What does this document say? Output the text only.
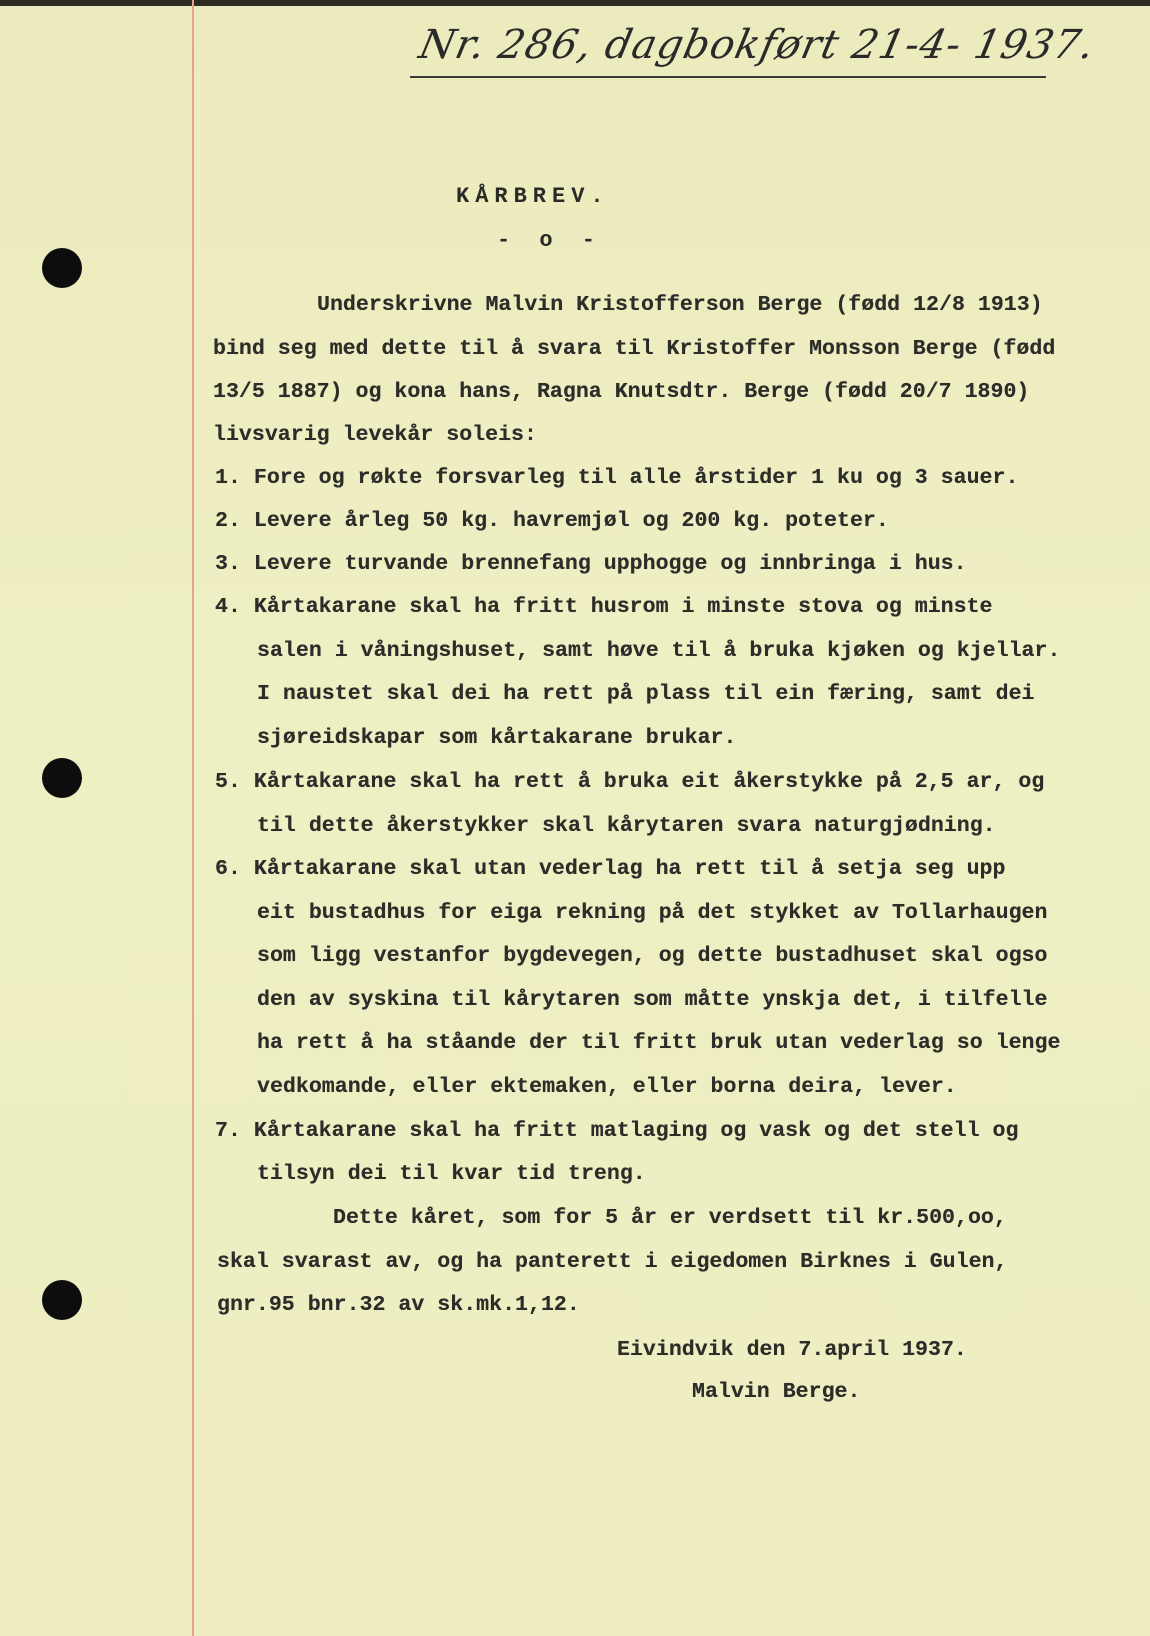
Nr. 286, dagbokført 21-4- 1937.
KÅRBREV.
- o -
Underskrivne Malvin Kristofferson Berge (fødd 12/8 1913)
bind seg med dette til å svara til Kristoffer Monsson Berge (fødd
13/5 1887) og kona hans, Ragna Knutsdtr. Berge (fødd 20/7 1890)
livsvarig levekår soleis:
1. Fore og røkte forsvarleg til alle årstider 1 ku og 3 sauer.
2. Levere årleg 50 kg. havremjøl og 200 kg. poteter.
3. Levere turvande brennefang upphogge og innbringa i hus.
4. Kårtakarane skal ha fritt husrom i minste stova og minste
salen i våningshuset, samt høve til å bruka kjøken og kjellar.
I naustet skal dei ha rett på plass til ein færing, samt dei
sjøreidskapar som kårtakarane brukar.
5. Kårtakarane skal ha rett å bruka eit åkerstykke på 2,5 ar, og
til dette åkerstykker skal kårytaren svara naturgjødning.
6. Kårtakarane skal utan vederlag ha rett til å setja seg upp
eit bustadhus for eiga rekning på det stykket av Tollarhaugen
som ligg vestanfor bygdevegen, og dette bustadhuset skal ogso
den av syskina til kårytaren som måtte ynskja det, i tilfelle
ha rett å ha ståande der til fritt bruk utan vederlag so lenge
vedkomande, eller ektemaken, eller borna deira, lever.
7. Kårtakarane skal ha fritt matlaging og vask og det stell og
tilsyn dei til kvar tid treng.
Dette kåret, som for 5 år er verdsett til kr.500,oo,
skal svarast av, og ha panterett i eigedomen Birknes i Gulen,
gnr.95 bnr.32 av sk.mk.1,12.
Eivindvik den 7.april 1937.
Malvin Berge.
